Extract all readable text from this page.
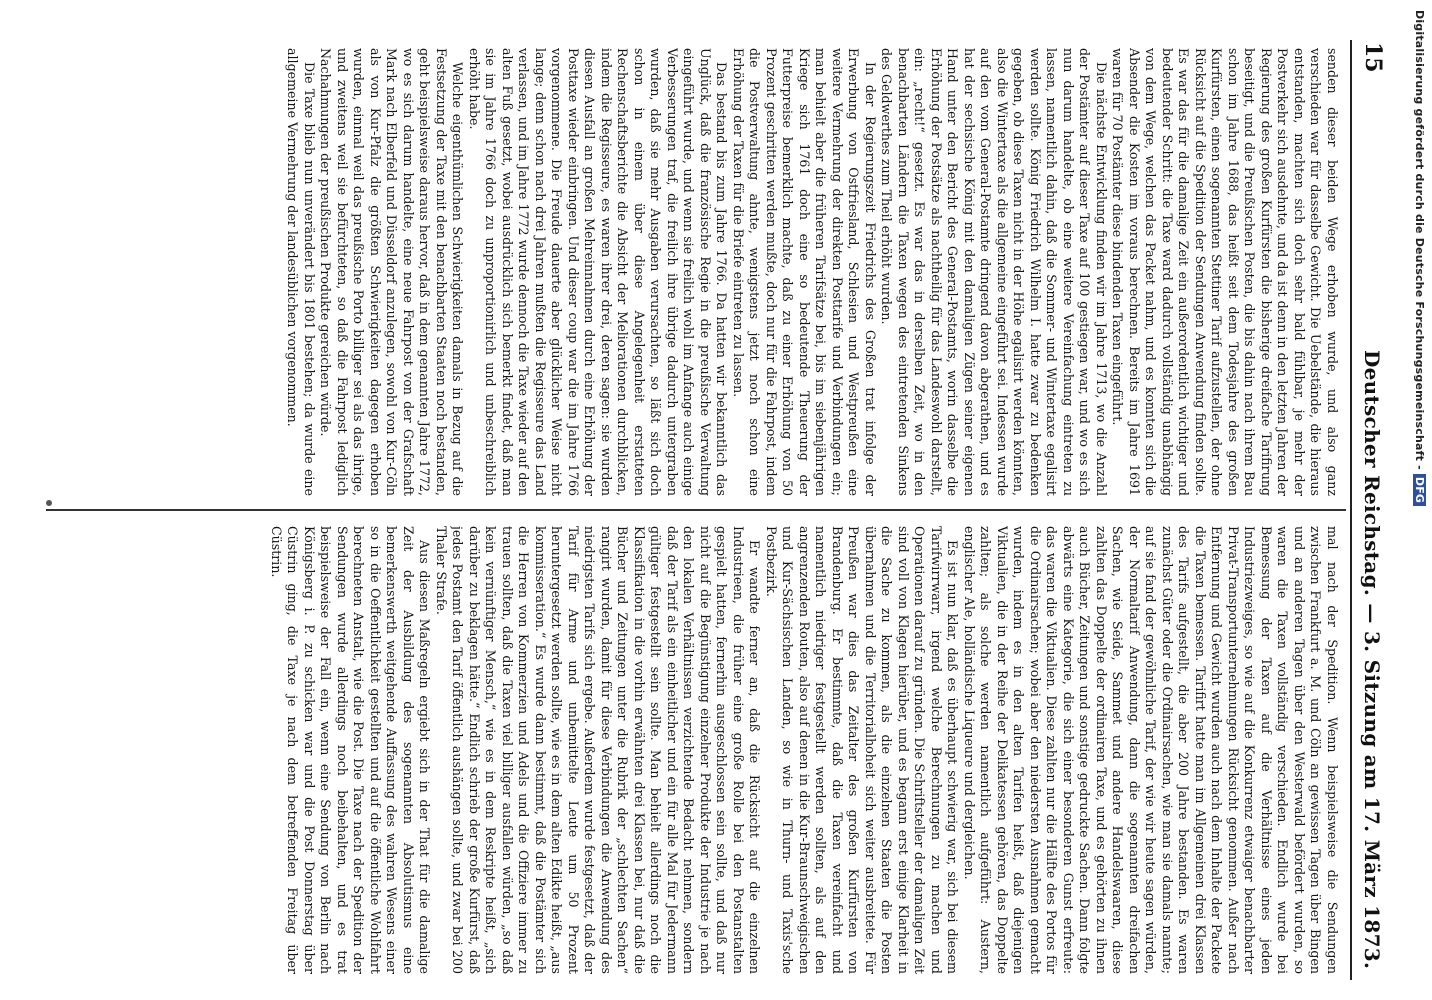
Digitalisierung gefördert durch die Deutsche Forschungsgemeinschaft -DFG
15
Deutscher Reichstag. — 3. Sitzung am 17. März 1873.

senden dieser beiden Wege erhoben wurde, und also ganz verschieden war für dasselbe Gewicht. Die Uebelstände, die hieraus entstanden, machten sich doch sehr bald fühlbar, je mehr der Postverkehr sich ausdehnte, und da ist denn in den letzten Jahren der Regierung des großen Kurfürsten die bisherige dreifache Tarifirung beseitigt, und die Preußischen Posten, die bis dahin nach ihrem Bau schon im Jahre 1688, das heißt seit dem Todesjahre des großen Kurfürsten, einen sogenannten Stettiner Tarif aufzustellen, der ohne Rücksicht auf die Spedition der Sendungen Anwendung finden sollte. Es war das für die damalige Zeit ein außerordentlich wichtiger und bedeutender Schritt: die Taxe ward dadurch vollständig unabhängig von dem Wege, welchen das Packet nahm, und es konnten sich die Absender die Kosten im voraus berechnen. Bereits im Jahre 1691 waren für 70 Postämter diese bindenden Taxen eingeführt.

Die nächste Entwicklung finden wir im Jahre 1713, wo die Anzahl der Postämter auf dieser Taxe auf 100 gestiegen war, und wo es sich nun darum handelte, ob eine weitere Vereinfachung eintreten zu lassen, namentlich dahin, daß die Sommer- und Wintertaxe egalisirt werden sollte. König Friedrich Wilhelm I. hatte zwar zu bedenken gegeben, ob diese Taxen nicht in der Höhe egalisirt werden könnten, also die Wintertaxe als die allgemeine eingeführt sei. Indessen wurde auf den vom General-Postamte dringend davon abgerathen, und es hat der sechsische König mit den damaligen Zügen seiner eigenen Hand unter den Bericht des General-Postamts, worin dasselbe die Erhöhung der Postsätze als nachtheilig für das Landeswohl darstellt, ein: „recht!“ gesetzt. Es war das in derselben Zeit, wo in den benachbarten Ländern die Taxen wegen des eintretenden Sinkens des Geldwerthes zum Theil erhöht wurden.

In der Regierungszeit Friedrichs des Großen trat infolge der Erwerbung von Ostfriesland, Schlesien und Westpreußen eine weitere Vermehrung der direkten Posttarife und Verbindungen ein; man behielt aber die früheren Tarifsätze bei, bis im siebenjährigen Kriege sich 1761 doch eine so bedeutende Theuerung der Futterpreise bemerklich machte, daß zu einer Erhöhung von 50 Prozent geschritten werden mußte, doch nur für die Fahrpost, indem die Postverwaltung ahnte, wenigstens jetzt noch schon eine Erhöhung der Taxen für die Briefe eintreten zu lassen.

Das bestand bis zum Jahre 1766. Da hatten wir bekanntlich das Unglück, daß die französische Regie in die preußische Verwaltung eingeführt wurde, und wenn sie freilich wohl im Anfange auch einige Verbesserungen traf, die freilich ihre übrige dadurch untergraben wurden, daß sie mehr Ausgaben verursachten, so läßt sich doch schon in einem über diese Angelegenheit erstatteten Rechenschaftsberichte die Absicht der Meliorationen durchblicken, indem die Regisseure, es waren ihrer drei, deren sagen: sie wurden diesen Ausfall an großen Mehreinnahmen durch eine Erhöhung der Posttaxe wieder einbringen. Und dieser coup war die im Jahre 1766 vorgenommene. Die Freude dauerte aber glücklicher Weise nicht lange; denn schon nach drei Jahren mußten die Regisseure das Land verlassen, und im Jahre 1772 wurde dennoch die Taxe wieder auf den alten Fuß gesetzt, wobei ausdrücklich sich bemerkt findet, daß man sie im Jahre 1766 doch zu unproportionirlich und unbeschreiblich erhöht habe.

Welche eigenthümlichen Schwierigkeiten damals in Bezug auf die Festsetzung der Taxe mit den benachbarten Staaten noch bestanden, geht beispielsweise daraus hervor, daß in dem genannten Jahre 1772, wo es sich darum handelte, eine neue Fahrpost von der Grafschaft Mark nach Elberfeld und Düsseldorf anzulegen, sowohl von Kur-Cöln als von Kur-Pfalz die größten Schwierigkeiten dagegen erhoben wurden, einmal weil das preußische Porto billiger sei als das ihrige, und zweitens weil sie befürchteten, so daß die Fahrpost lediglich Nachahmungen der preußischen Produkte gereichen würde.

Die Taxe blieb nun unverändert bis 1801 bestehen; da wurde eine allgemeine Vermehrung der landesüblichen vorgenommen.

mal nach der Spedition. Wenn beispielsweise die Sendungen zwischen Frankfurt a. M. und Cöln an gewissen Tagen über Bingen und an anderen Tagen über den Westerwald befördert wurden, so waren die Taxen vollständig verschieden. Endlich wurde bei Bemessung der Taxen auf die Verhältnisse eines jeden Industriezweiges, so wie auf die Konkurrenz etwaiger benachbarter Privat-Transportunternehmungen Rücksicht genommen. Außer nach Entfernung und Gewicht wurden auch nach dem Inhalte der Packete die Taxen bemessen. Tarifirt hatte man im Allgemeinen drei Klassen des Tarifs aufgestellt, die aber 200 Jahre bestanden. Es waren zunächst Güter oder die Ordinairsachen, wie man sie damals nannte; auf sie fand der gewöhnliche Tarif, der wie wir heute sagen würden, der Normaltarif Anwendung, dann die sogenannten dreifachen Sachen, wie Seide, Sammet und andere Handelswaaren, diese zahlten das Doppelte der ordinairen Taxe, und es gehörten zu ihnen auch Bücher, Zeitungen und sonstige gedruckte Sachen. Dann folgte abwärts eine Kategorie, die sich einer besonderen Gunst erfreute: das waren die Viktualien. Diese zahlten nur die Hälfte des Portos für die Ordinairsachen; wobei aber den niedersten Ausnahmen gemacht wurden, indem es in den alten Tarifen heißt, daß diejenigen Viktualien, die in der Reihe der Delikatessen gehören, das Doppelte zahlten; als solche werden namentlich aufgeführt: Austern, englischer Ale, holländische Liqueure und dergleichen.

Es ist nun klar, daß es überhaupt schwierig war, sich bei diesem Tarifwirrwarr, irgend welche Berechnungen zu machen und Operationen darauf zu gründen. Die Schriftsteller der damaligen Zeit sind voll von Klagen hierüber, und es begann erst einige Klarheit in die Sache zu kommen, als die einzelnen Staaten die Posten übernahmen und die Territorialhoheit sich weiter ausbreitete. Für Preußen war dies das Zeitalter des großen Kurfürsten von Brandenburg. Er bestimmte, daß die Taxen vereinfacht und namentlich niedriger festgestellt werden sollten, als auf den angrenzenden Routen, also auf denen in die Kur-Braunschweigischen und Kur-Sächsischen Landen, so wie in Thurn- und Taxis'sche Postbezirk.

Er wandte ferner an, daß die Rücksicht auf die einzelnen Industrieen, die früher eine große Rolle bei den Postanstalten gespielt hatten, fernerhin ausgeschlossen sein sollte, und daß nur nicht auf die Begünstigung einzelner Produkte der Industrie je nach den lokalen Verhältnissen verzichtende Bedacht nehmen, sondern daß der Tarif als ein einheitlicher und ein für alle Mal für Jedermann gültiger festgestellt sein sollte. Man behielt allerdings noch die Klassifikation in die vorhin erwähnten drei Klassen bei, nur daß die Bücher und Zeitungen unter die Rubrik der „schlechten Sachen“ rangirt wurden, damit für diese Verbindungen die Anwendung des niedrigsten Tarifs sich ergebe. Außerdem wurde festgesetzt, daß der Tarif für Arme und unbemittelte Leute um 50 Prozent heruntergesetzt werden sollte, wie es in dem alten Edikte heißt, „aus kommisseration.“ Es wurde dann bestimmt, daß die Postämter sich die Herren von Kommerzien und Adels und die Offiziere immer zu trauen sollten, daß die Taxen viel billiger ausfallen würden, „so daß kein vernünftiger Mensch,“ wie es in dem Reskripte heißt, „sich darüber zu beklagen hätte.“ Endlich schrieb der große Kurfürst, daß jedes Postamt den Tarif öffentlich aushängen sollte, und zwar bei 200 Thaler Strafe.

Aus diesen Maßregeln ergiebt sich in der That für die damalige Zeit der Ausbildung des sogenannten Absolutismus eine bemerkenswerth weitgehende Auffassung des wahren Wesens einer so in die Oeffentlichkeit gestellten und auf die öffentliche Wohlfahrt berechneten Anstalt, wie die Post. Die Taxe nach der Spedition der Sendungen wurde allerdings noch beibehalten, und es trat beispielsweise der Fall ein, wenn eine Sendung von Berlin nach Königsberg i. P. zu schicken war und die Post Donnerstag über Cüstrin ging, die Taxe je nach dem betreffenden Freitag über Cüstrin.
